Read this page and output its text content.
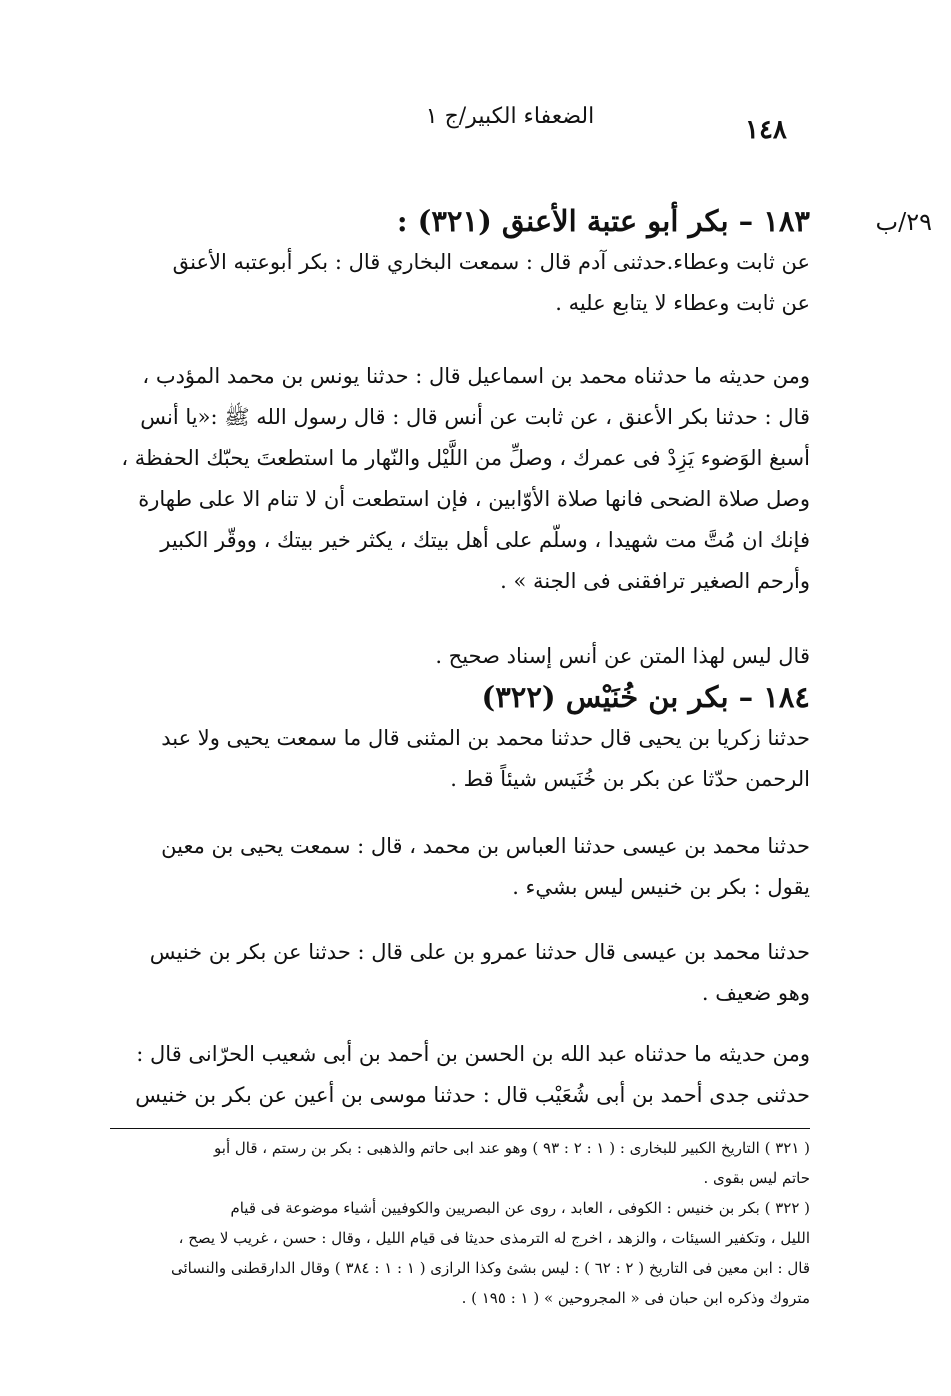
الضعفاء الكبير/ج ١	١٤٨
٢٩/ب

١٨٣ – بكر أبو عتبة الأعنق (٣٢١) :

عن ثابت وعطاء.حدثنى آدم قال : سمعت البخاري قال : بكر أبوعتبه الأعنق

عن ثابت وعطاء لا يتابع عليه .

ومن حديثه ما حدثناه محمد بن اسماعيل قال : حدثنا يونس بن محمد المؤدب ،

قال : حدثنا بكر الأعنق ، عن ثابت عن أنس قال : قال رسول الله ﷺ :«يا أنس

أسبغ الوَضوء يَزِدْ فى عمرك ، وصلِّ من اللَّيْل والنّهار ما استطعتَ يحبّك الحفظة ،

وصل صلاة الضحى فانها صلاة الأوّابين ، فإن استطعت أن لا تنام الا على طهارة

فإنك ان مُتَّ مت شهيدا ، وسلّم على أهل بيتك ، يكثر خير بيتك ، ووقّر الكبير

وأرحم الصغير ترافقنى فى الجنة » .

قال ليس لهذا المتن عن أنس إسناد صحيح .

١٨٤ – بكر بن خُنَيْس (٣٢٢)

حدثنا زكريا بن يحيى قال حدثنا محمد بن المثنى قال ما سمعت يحيى ولا عبد

الرحمن حدّثا عن بكر بن خُنَيس شيئاً قط .

حدثنا محمد بن عيسى حدثنا العباس بن محمد ، قال : سمعت يحيى بن معين

يقول : بكر بن خنيس ليس بشيء .

حدثنا محمد بن عيسى قال حدثنا عمرو بن على قال : حدثنا عن بكر بن خنيس

وهو ضعيف .

ومن حديثه ما حدثناه عبد الله بن الحسن بن أحمد بن أبى شعيب الحرّانى قال :

حدثنى جدى أحمد بن أبى شُعَيْب قال : حدثنا موسى بن أعين عن بكر بن خنيس

( ٣٢١ ) التاريخ الكبير للبخارى : ( ١ : ٢ : ٩٣ ) وهو عند ابى حاتم والذهبى : بكر بن رستم ، قال أبو

حاتم ليس بقوى .

( ٣٢٢ ) بكر بن خنيس : الكوفى ، العابد ، روى عن البصريين والكوفيين أشياء موضوعة فى قيام

الليل ، وتكفير السيئات ، والزهد ، اخرج له الترمذى حديثا فى قيام الليل ، وقال : حسن ، غريب لا يصح ،

قال : ابن معين فى التاريخ ( ٢ : ٦٢ ) : ليس بشئ وكذا الرازى ( ١ : ١ : ٣٨٤ ) وقال الدارقطنى والنسائى

متروك وذكره ابن حبان فى « المجروحين » ( ١ : ١٩٥ ) .
